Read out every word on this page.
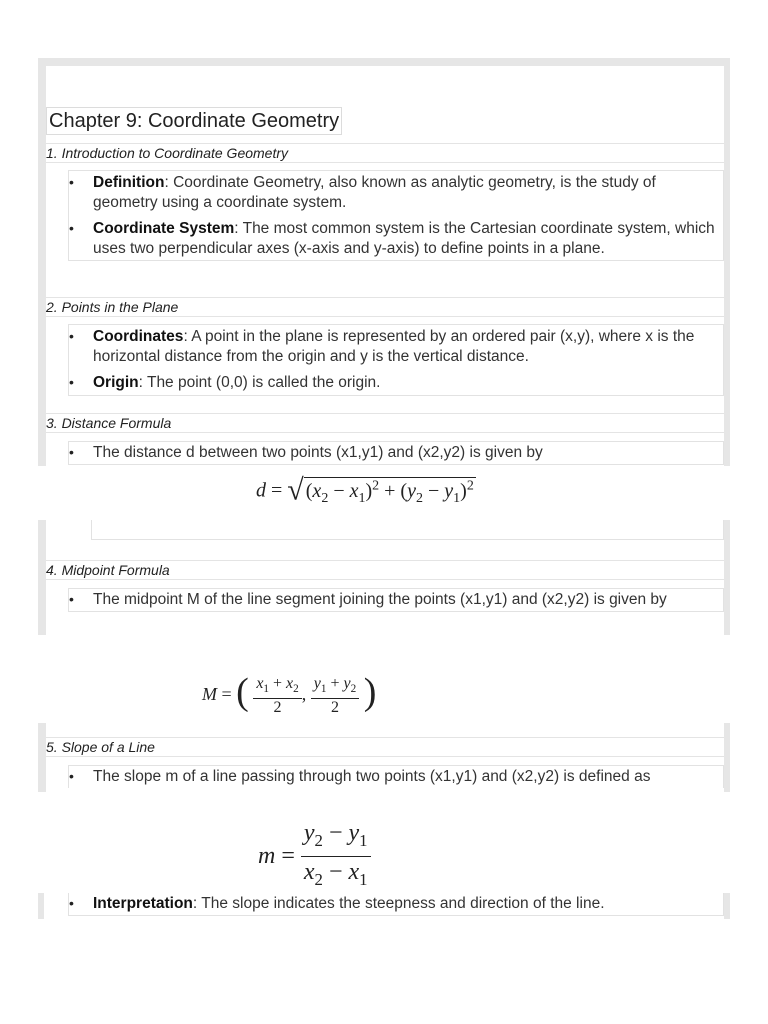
Chapter 9: Coordinate Geometry
1. Introduction to Coordinate Geometry
• Definition: Coordinate Geometry, also known as analytic geometry, is the study of geometry using a coordinate system.
• Coordinate System: The most common system is the Cartesian coordinate system, which uses two perpendicular axes (x-axis and y-axis) to define points in a plane.
2. Points in the Plane
• Coordinates: A point in the plane is represented by an ordered pair (x,y), where x is the horizontal distance from the origin and y is the vertical distance.
• Origin: The point (0,0) is called the origin.
3. Distance Formula
• The distance d between two points (x1,y1) and (x2,y2) is given by
d = √ $(x_2 - x_1)^2 + (y_2 - y_1)^2$
4. Midpoint Formula
• The midpoint M of the line segment joining the points (x1,y1) and (x2,y2) is given by
M = ( $\frac{x_1 + x_2}{2}$ , $\frac{y_1 + y_2}{2}$ )
5. Slope of a Line
• The slope m of a line passing through two points (x1,y1) and (x2,y2) is defined as
$m = \frac{y_2 - y_1}{x_2 - x_1}$
• Interpretation: The slope indicates the steepness and direction of the line.
